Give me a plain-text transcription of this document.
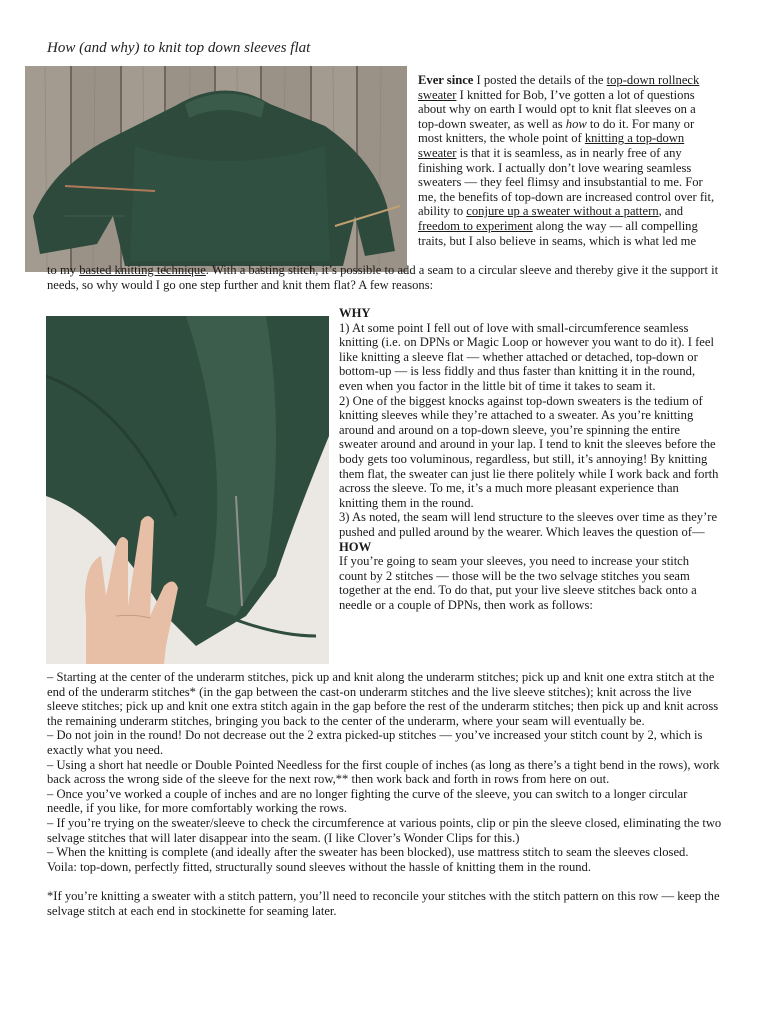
How (and why) to knit top down sleeves flat
Ever since I posted the details of the top-down rollneck sweater I knitted for Bob, I’ve gotten a lot of questions about why on earth I would opt to knit flat sleeves on a top-down sweater, as well as how to do it. For many or most knitters, the whole point of knitting a top-down sweater is that it is seamless, as in nearly free of any finishing work. I actually don’t love wearing seamless sweaters — they feel flimsy and insubstantial to me. For me, the benefits of top-down are increased control over fit, ability to conjure up a sweater without a pattern, and freedom to experiment along the way — all compelling traits, but I also believe in seams, which is what led me
to my basted knitting technique. With a basting stitch, it’s possible to add a seam to a circular sleeve and thereby give it the support it needs, so why would I go one step further and knit them flat? A few reasons:

WHY

1) At some point I fell out of love with small-circumference seamless knitting (i.e. on DPNs or Magic Loop or however you want to do it). I feel like knitting a sleeve flat — whether attached or detached, top-down or bottom-up — is less fiddly and thus faster than knitting it in the round, even when you factor in the little bit of time it takes to seam it.

2) One of the biggest knocks against top-down sweaters is the tedium of knitting sleeves while they’re attached to a sweater. As you’re knitting around and around on a top-down sleeve, you’re spinning the entire sweater around and around in your lap. I tend to knit the sleeves before the body gets too voluminous, regardless, but still, it’s annoying! By knitting them flat, the sweater can just lie there politely while I work back and forth across the sleeve. To me, it’s a much more pleasant experience than knitting them in the round.

3) As noted, the seam will lend structure to the sleeves over time as they’re pushed and pulled around by the wearer. Which leaves the question of—

HOW

If you’re going to seam your sleeves, you need to increase your stitch count by 2 stitches — those will be the two selvage stitches you seam together at the end. To do that, put your live sleeve stitches back onto a needle or a couple of DPNs, then work as follows:

– Starting at the center of the underarm stitches, pick up and knit along the underarm stitches; pick up and knit one extra stitch at the end of the underarm stitches* (in the gap between the cast-on underarm stitches and the live sleeve stitches); knit across the live sleeve stitches; pick up and knit one extra stitch again in the gap before the rest of the underarm stitches; then pick up and knit across the remaining underarm stitches, bringing you back to the center of the underarm, where your seam will eventually be.

– Do not join in the round! Do not decrease out the 2 extra picked-up stitches — you’ve increased your stitch count by 2, which is exactly what you need.

– Using a short hat needle or Double Pointed Needless for the first couple of inches (as long as there’s a tight bend in the rows), work back across the wrong side of the sleeve for the next row,** then work back and forth in rows from here on out.

– Once you’ve worked a couple of inches and are no longer fighting the curve of the sleeve, you can switch to a longer circular needle, if you like, for more comfortably working the rows.

– If you’re trying on the sweater/sleeve to check the circumference at various points, clip or pin the sleeve closed, eliminating the two selvage stitches that will later disappear into the seam. (I like Clover’s Wonder Clips for this.)

– When the knitting is complete (and ideally after the sweater has been blocked), use mattress stitch to seam the sleeves closed.

Voila: top-down, perfectly fitted, structurally sound sleeves without the hassle of knitting them in the round.

*If you’re knitting a sweater with a stitch pattern, you’ll need to reconcile your stitches with the stitch pattern on this row — keep the selvage stitch at each end in stockinette for seaming later.
